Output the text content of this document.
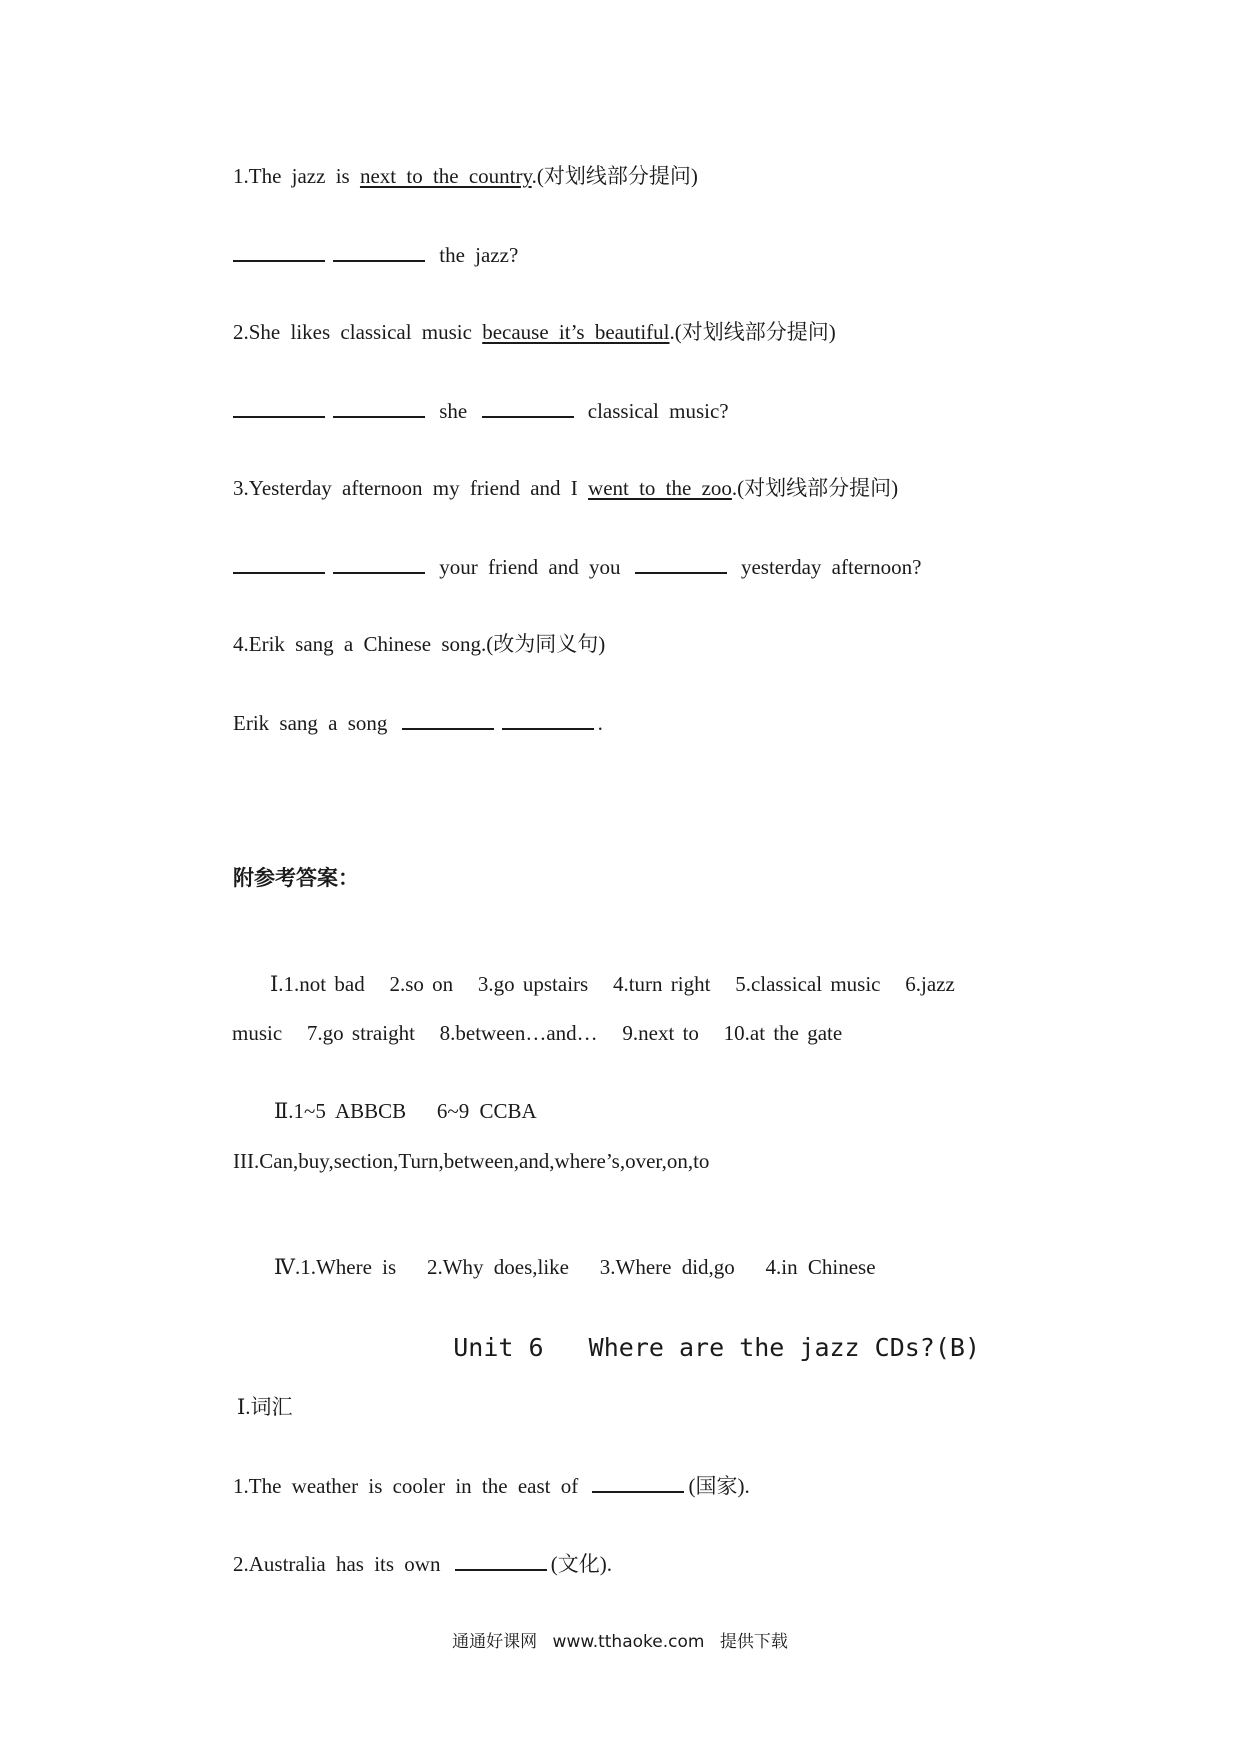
1.The jazz is next to the country.(对划线部分提问)
the jazz?
2.She likes classical music because it’s beautiful.(对划线部分提问)
she	classical music?
3.Yesterday afternoon my friend and I went to the zoo.(对划线部分提问)
your friend and you	yesterday afternoon?
4.Erik sang a Chinese song.(改为同义句)
Erik sang a song	.
附参考答案：

Ⅰ.1.not bad   2.so on   3.go upstairs   4.turn right   5.classical music   6.jazz

music   7.go straight   8.between…and…   9.next to   10.at the gate

Ⅱ.1~5 ABBCB   6~9 CCBA

III.Can,buy,section,Turn,between,and,where’s,over,on,to

Ⅳ.1.Where is   2.Why does,like   3.Where did,go   4.in Chinese

Unit 6   Where are the jazz CDs?(B)

Ⅰ.词汇
1.The weather is cooler in the east of	(国家).
2.Australia has its own	(文化).
通通好课网 www.tthaoke.com 提供下载
